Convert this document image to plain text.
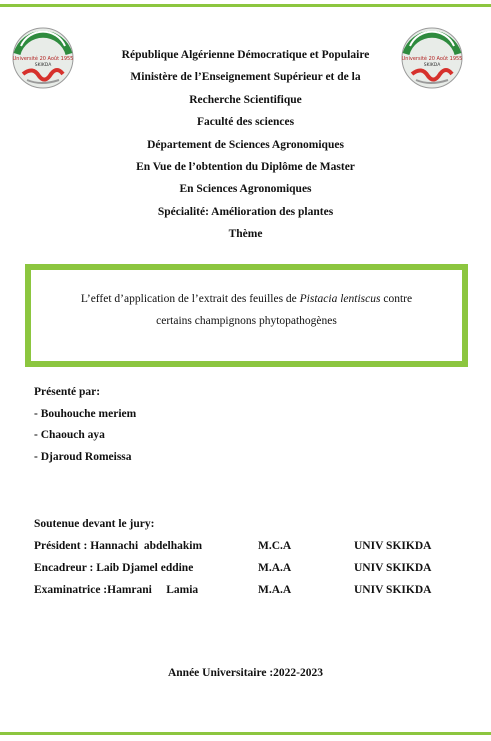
Université 20 Août 1955
SKIKDA
Université 20 Août 1955
SKIKDA
République Algérienne Démocratique et Populaire
Ministère de l’Enseignement Supérieur et de la
Recherche Scientifique
Faculté des sciences
Département de Sciences Agronomiques
En Vue de l’obtention du Diplôme de Master
En Sciences Agronomiques
Spécialité: Amélioration des plantes
Thème
L’effet d’application de l’extrait des feuilles de Pistacia lentiscus contre
certains champignons phytopathogènes
Présenté par:
- Bouhouche meriem
- Chaouch aya
- Djaroud Romeissa
Soutenue devant le jury:
Président : Hannachi  abdelhakim	M.C.A	UNIV SKIKDA
Encadreur : Laib Djamel eddine	M.A.A	UNIV SKIKDA
Examinatrice :Hamrani     Lamia	M.A.A	UNIV SKIKDA
Année Universitaire :2022-2023
